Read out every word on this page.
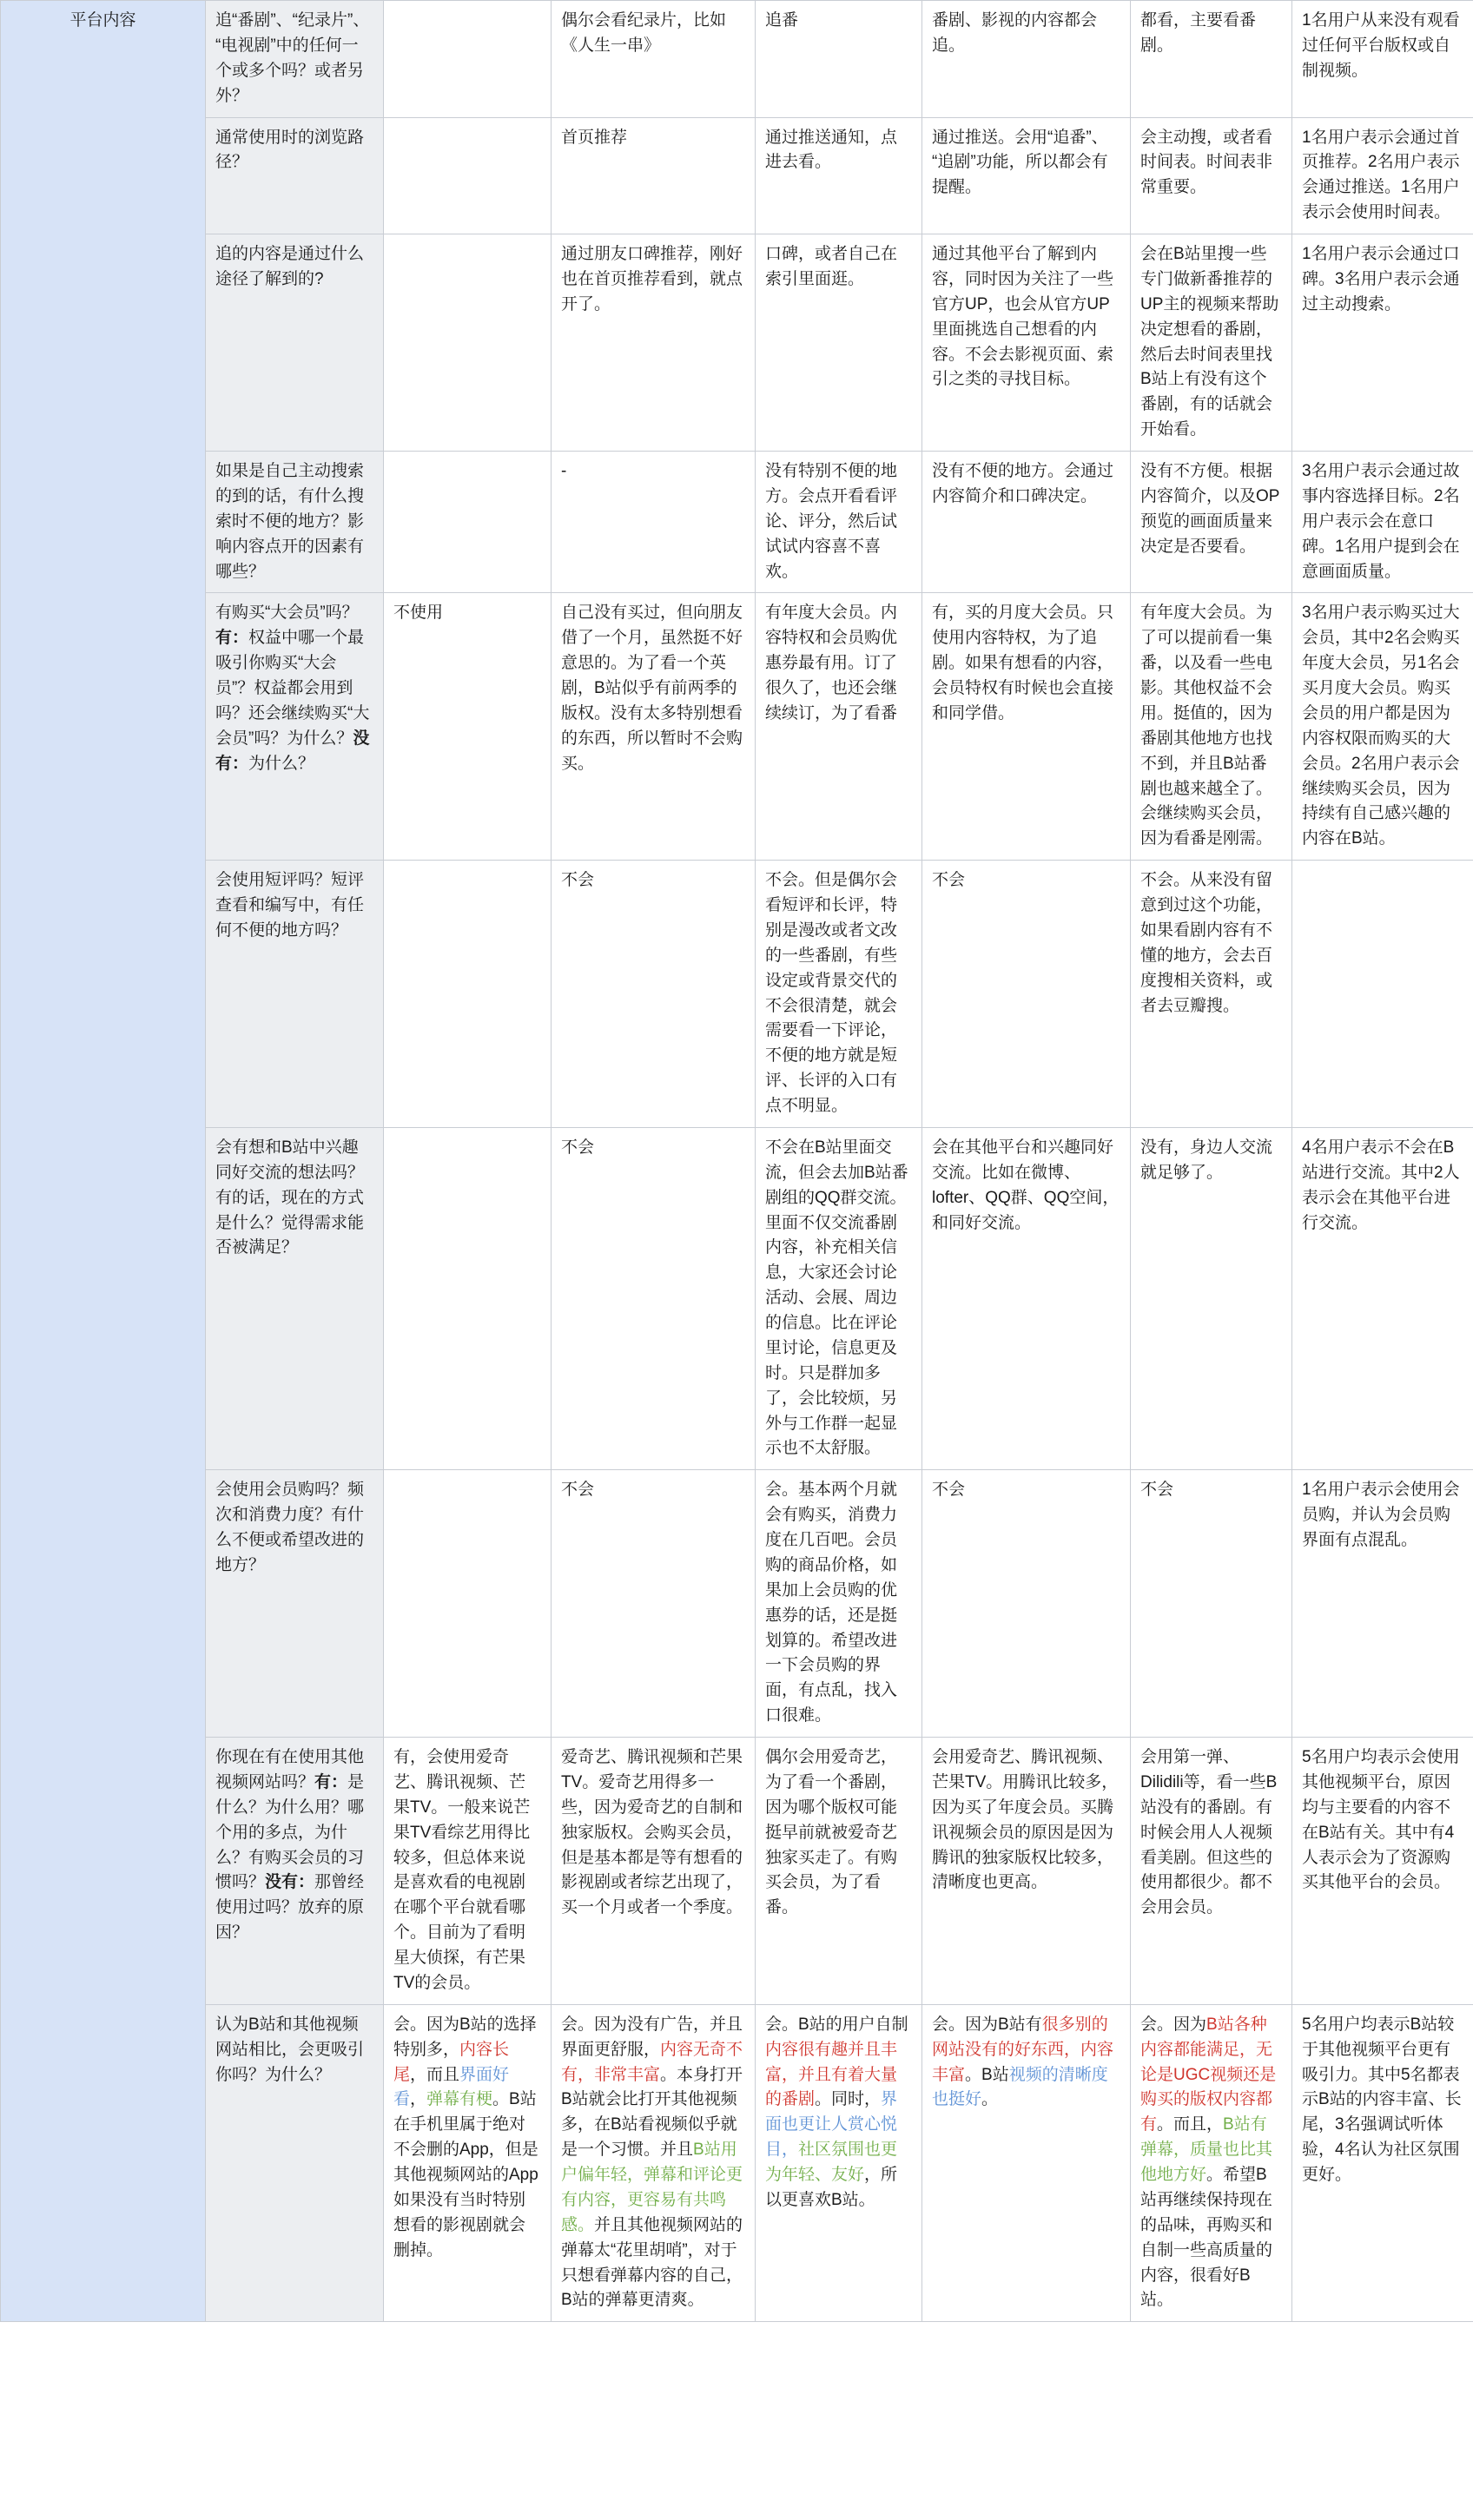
平台内容	追“番剧”、“纪录片”、“电视剧”中的任何一个或多个吗？或者另外？		偶尔会看纪录片，比如《人生一串》	追番	番剧、影视的内容都会追。	都看，主要看番剧。	1名用户从来没有观看过任何平台版权或自制视频。
	通常使用时的浏览路径？		首页推荐	通过推送通知，点进去看。	通过推送。会用“追番”、“追剧”功能，所以都会有提醒。	会主动搜，或者看时间表。时间表非常重要。	1名用户表示会通过首页推荐。2名用户表示会通过推送。1名用户表示会使用时间表。
	追的内容是通过什么途径了解到的?		通过朋友口碑推荐，刚好也在首页推荐看到，就点开了。	口碑，或者自己在索引里面逛。	通过其他平台了解到内容，同时因为关注了一些官方UP，也会从官方UP里面挑选自己想看的内容。不会去影视页面、索引之类的寻找目标。	会在B站里搜一些专门做新番推荐的UP主的视频来帮助决定想看的番剧，然后去时间表里找B站上有没有这个番剧，有的话就会开始看。	1名用户表示会通过口碑。3名用户表示会通过主动搜索。
	如果是自己主动搜索的到的话，有什么搜索时不便的地方？影响内容点开的因素有哪些？		-	没有特别不便的地方。会点开看看评论、评分，然后试试试内容喜不喜欢。	没有不便的地方。会通过内容简介和口碑决定。	没有不方便。根据内容简介，以及OP预览的画面质量来决定是否要看。	3名用户表示会通过故事内容选择目标。2名用户表示会在意口碑。1名用户提到会在意画面质量。
	有购买“大会员”吗？有：权益中哪一个最吸引你购买“大会员”？权益都会用到吗？还会继续购买“大会员”吗？为什么？没有：为什么？	不使用	自己没有买过，但向朋友借了一个月，虽然挺不好意思的。为了看一个英剧，B站似乎有前两季的版权。没有太多特别想看的东西，所以暂时不会购买。	有年度大会员。内容特权和会员购优惠券最有用。订了很久了，也还会继续续订，为了看番	有，买的月度大会员。只使用内容特权，为了追剧。如果有想看的内容，会员特权有时候也会直接和同学借。	有年度大会员。为了可以提前看一集番，以及看一些电影。其他权益不会用。挺值的，因为番剧其他地方也找不到，并且B站番剧也越来越全了。会继续购买会员，因为看番是刚需。	3名用户表示购买过大会员，其中2名会购买年度大会员，另1名会买月度大会员。购买会员的用户都是因为内容权限而购买的大会员。2名用户表示会继续购买会员，因为持续有自己感兴趣的内容在B站。
	会使用短评吗？短评查看和编写中，有任何不便的地方吗？		不会	不会。但是偶尔会看短评和长评，特别是漫改或者文改的一些番剧，有些设定或背景交代的不会很清楚，就会需要看一下评论，不便的地方就是短评、长评的入口有点不明显。	不会	不会。从来没有留意到过这个功能，如果看剧内容有不懂的地方，会去百度搜相关资料，或者去豆瓣搜。	
	会有想和B站中兴趣同好交流的想法吗？有的话，现在的方式是什么？觉得需求能否被满足？		不会	不会在B站里面交流，但会去加B站番剧组的QQ群交流。里面不仅交流番剧内容，补充相关信息，大家还会讨论活动、会展、周边的信息。比在评论里讨论，信息更及时。只是群加多了，会比较烦，另外与工作群一起显示也不太舒服。	会在其他平台和兴趣同好交流。比如在微博、lofter、QQ群、QQ空间，和同好交流。	没有，身边人交流就足够了。	4名用户表示不会在B站进行交流。其中2人表示会在其他平台进行交流。
	会使用会员购吗？频次和消费力度？有什么不便或希望改进的地方？		不会	会。基本两个月就会有购买，消费力度在几百吧。会员购的商品价格，如果加上会员购的优惠券的话，还是挺划算的。希望改进一下会员购的界面，有点乱，找入口很难。	不会	不会	1名用户表示会使用会员购，并认为会员购界面有点混乱。
	你现在有在使用其他视频网站吗？有：是什么？为什么用？哪个用的多点，为什么？有购买会员的习惯吗？没有：那曾经使用过吗？放弃的原因？	有，会使用爱奇艺、腾讯视频、芒果TV。一般来说芒果TV看综艺用得比较多，但总体来说是喜欢看的电视剧在哪个平台就看哪个。目前为了看明星大侦探，有芒果TV的会员。	爱奇艺、腾讯视频和芒果TV。爱奇艺用得多一些，因为爱奇艺的自制和独家版权。会购买会员，但是基本都是等有想看的影视剧或者综艺出现了，买一个月或者一个季度。	偶尔会用爱奇艺，为了看一个番剧，因为哪个版权可能挺早前就被爱奇艺独家买走了。有购买会员，为了看番。	会用爱奇艺、腾讯视频、芒果TV。用腾讯比较多，因为买了年度会员。买腾讯视频会员的原因是因为腾讯的独家版权比较多，清晰度也更高。	会用第一弹、Dilidili等，看一些B站没有的番剧。有时候会用人人视频看美剧。但这些的使用都很少。都不会用会员。	5名用户均表示会使用其他视频平台，原因均与主要看的内容不在B站有关。其中有4人表示会为了资源购买其他平台的会员。
	认为B站和其他视频网站相比，会更吸引你吗？为什么？	会。因为B站的选择特别多，内容长尾，而且界面好看，弹幕有梗。B站在手机里属于绝对不会删的App，但是其他视频网站的App如果没有当时特别想看的影视剧就会删掉。	会。因为没有广告，并且界面更舒服，内容无奇不有，非常丰富。本身打开B站就会比打开其他视频多，在B站看视频似乎就是一个习惯。并且B站用户偏年轻，弹幕和评论更有内容，更容易有共鸣感。并且其他视频网站的弹幕太“花里胡哨”，对于只想看弹幕内容的自己，B站的弹幕更清爽。	会。B站的用户自制内容很有趣并且丰富，并且有着大量的番剧。同时，界面也更让人赏心悦目，社区氛围也更为年轻、友好，所以更喜欢B站。	会。因为B站有很多别的网站没有的好东西，内容丰富。B站视频的清晰度也挺好。	会。因为B站各种内容都能满足，无论是UGC视频还是购买的版权内容都有。而且，B站有弹幕，质量也比其他地方好。希望B站再继续保持现在的品味，再购买和自制一些高质量的内容，很看好B站。	5名用户均表示B站较于其他视频平台更有吸引力。其中5名都表示B站的内容丰富、长尾，3名强调试听体验，4名认为社区氛围更好。
